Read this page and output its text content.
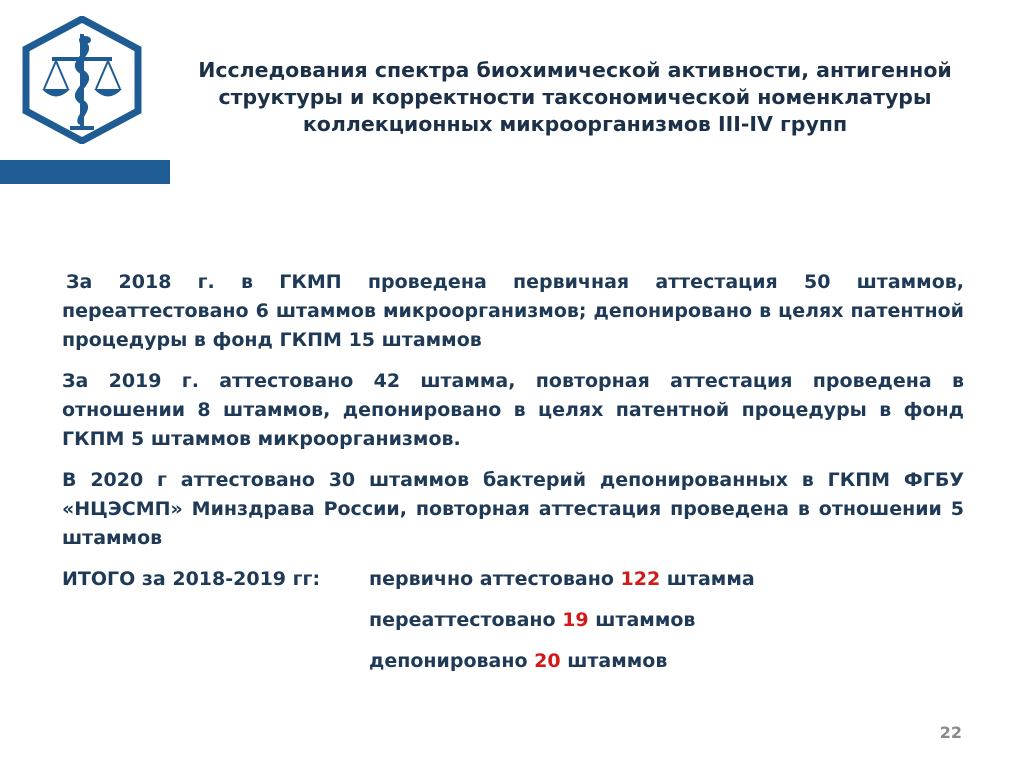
Исследования спектра биохимической активности, антигенной
структуры и корректности таксономической номенклатуры
коллекционных микроорганизмов III-IV групп

За 2018 г. в ГКМП проведена первичная аттестация 50 штаммов, переаттестовано 6 штаммов микроорганизмов; депонировано в целях патентной процедуры в фонд ГКПМ 15 штаммов

За 2019 г. аттестовано 42 штамма, повторная аттестация проведена в отношении 8 штаммов, депонировано в целях патентной процедуры в фонд ГКПМ 5 штаммов микроорганизмов.

В 2020 г аттестовано 30 штаммов бактерий депонированных в ГКПМ ФГБУ «НЦЭСМП» Минздрава России, повторная аттестация проведена в отношении 5 штаммов

ИТОГО за 2018-2019 гг:	первично аттестовано 122 штамма
переаттестовано 19 штаммов
депонировано 20 штаммов
22
